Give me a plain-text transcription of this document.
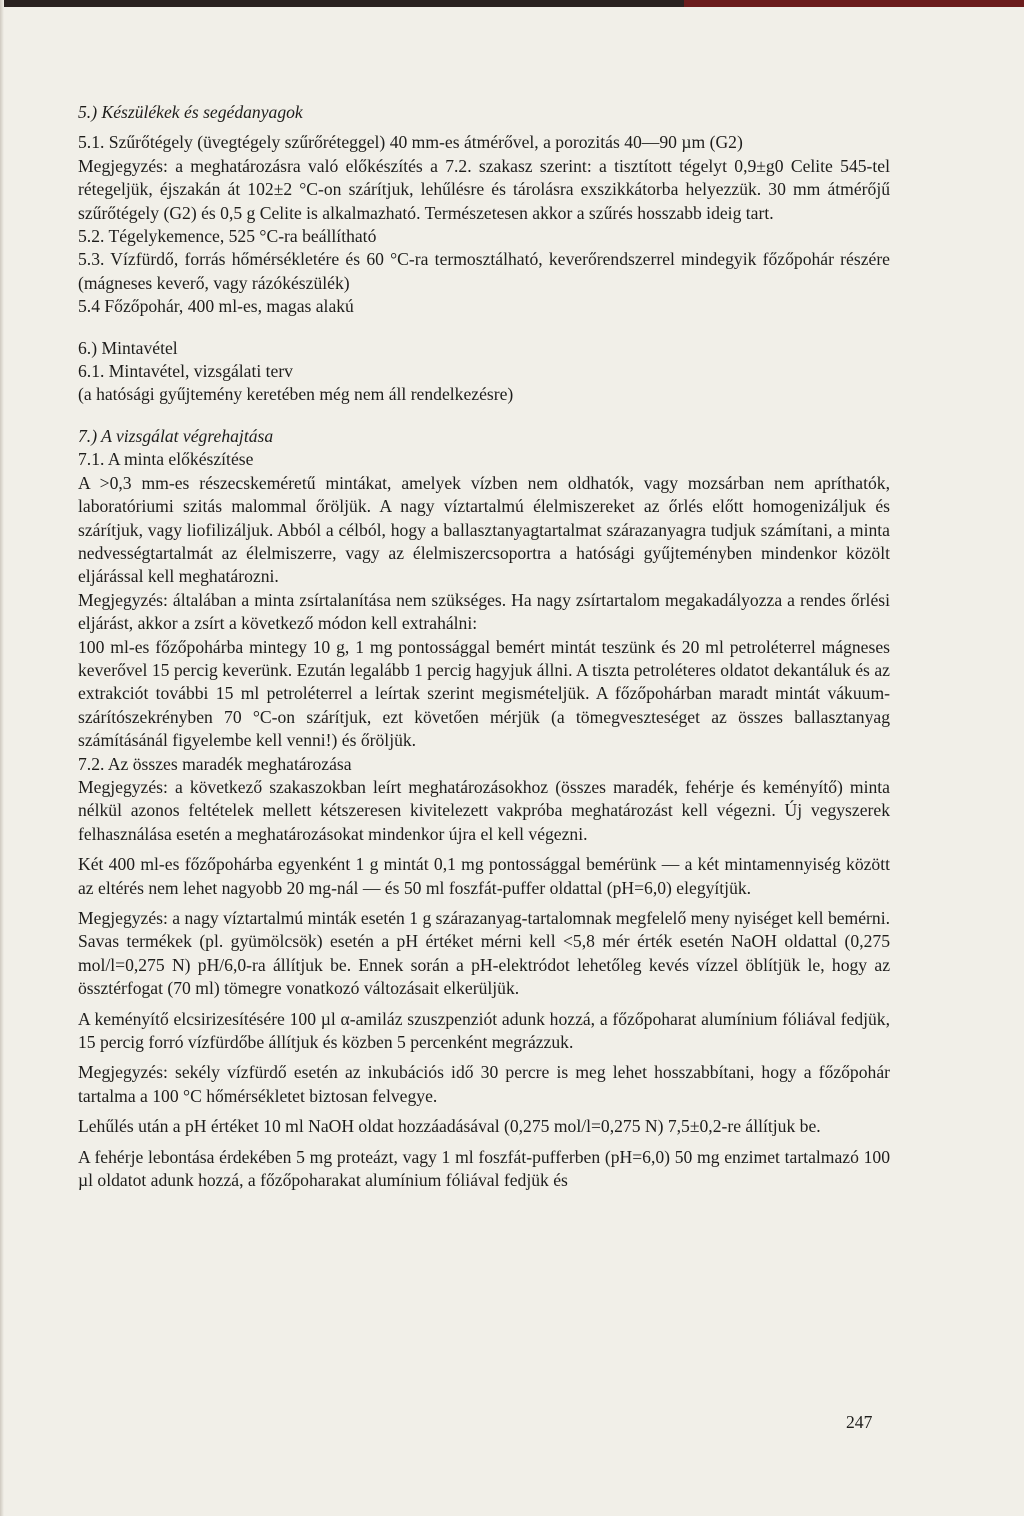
5.) Készülékek és segédanyagok

5.1. Szűrőtégely (üvegtégely szűrőréteggel) 40 mm-es átmérővel, a porozitás 40—90 µm (G2)

Megjegyzés: a meghatározásra való előkészítés a 7.2. szakasz szerint: a tisztított tégelyt 0,9±g0 Celite 545-tel rétegeljük, éjszakán át 102±2 °C-on szárítjuk, lehűlésre és tárolásra exszikkátorba helyezzük. 30 mm átmérőjű szűrőtégely (G2) és 0,5 g Celite is alkalmazható. Természetesen akkor a szűrés hosszabb ideig tart.

5.2. Tégelykemence, 525 °C-ra beállítható

5.3. Vízfürdő, forrás hőmérsékletére és 60 °C-ra termosztálható, keverőrendszerrel mindegyik főzőpohár részére (mágneses keverő, vagy rázókészülék)

5.4 Főzőpohár, 400 ml-es, magas alakú

6.) Mintavétel

6.1. Mintavétel, vizsgálati terv

(a hatósági gyűjtemény keretében még nem áll rendelkezésre)

7.) A vizsgálat végrehajtása

7.1. A minta előkészítése

A >0,3 mm-es részecskeméretű mintákat, amelyek vízben nem oldhatók, vagy mozsárban nem apríthatók, laboratóriumi szitás malommal őröljük. A nagy víztartalmú élelmiszereket az őrlés előtt homogenizáljuk és szárítjuk, vagy liofilizáljuk. Abból a célból, hogy a ballasztanyagtartalmat szárazanyagra tudjuk számítani, a minta nedvességtartalmát az élelmiszerre, vagy az élelmiszercsoportra a hatósági gyűjteményben mindenkor közölt eljárással kell meghatározni.

Megjegyzés: általában a minta zsírtalanítása nem szükséges. Ha nagy zsírtartalom megakadályozza a rendes őrlési eljárást, akkor a zsírt a következő módon kell extrahálni:

100 ml-es főzőpohárba mintegy 10 g, 1 mg pontossággal bemért mintát teszünk és 20 ml petroléterrel mágneses keverővel 15 percig keverünk. Ezután legalább 1 percig hagyjuk állni. A tiszta petroléteres oldatot dekantáluk és az extrakciót további 15 ml petroléterrel a leírtak szerint megismételjük. A főzőpohárban maradt mintát vákuum-szárítószekrényben 70 °C-on szárítjuk, ezt követően mérjük (a tömegveszteséget az összes ballasztanyag számításánál figyelembe kell venni!) és őröljük.

7.2. Az összes maradék meghatározása

Megjegyzés: a következő szakaszokban leírt meghatározásokhoz (összes maradék, fehérje és keményítő) minta nélkül azonos feltételek mellett kétszeresen kivitelezett vakpróba meghatározást kell végezni. Új vegyszerek felhasználása esetén a meghatározásokat mindenkor újra el kell végezni.

Két 400 ml-es főzőpohárba egyenként 1 g mintát 0,1 mg pontossággal bemérünk — a két mintamennyiség között az eltérés nem lehet nagyobb 20 mg-nál — és 50 ml foszfát-puffer oldattal (pH=6,0) elegyítjük.

Megjegyzés: a nagy víztartalmú minták esetén 1 g szárazanyag-tartalomnak megfelelő meny nyiséget kell bemérni. Savas termékek (pl. gyümölcsök) esetén a pH értéket mérni kell <5,8 mér érték esetén NaOH oldattal (0,275 mol/l=0,275 N) pH/6,0-ra állítjuk be. Ennek során a pH-elektródot lehetőleg kevés vízzel öblítjük le, hogy az össztérfogat (70 ml) tömegre vonatkozó változásait elkerüljük.

A keményítő elcsirizesítésére 100 µl α-amiláz szuszpenziót adunk hozzá, a főzőpoharat alumínium fóliával fedjük, 15 percig forró vízfürdőbe állítjuk és közben 5 percenként megrázzuk.

Megjegyzés: sekély vízfürdő esetén az inkubációs idő 30 percre is meg lehet hosszabbítani, hogy a főzőpohár tartalma a 100 °C hőmérsékletet biztosan felvegye.

Lehűlés után a pH értéket 10 ml NaOH oldat hozzáadásával (0,275 mol/l=0,275 N) 7,5±0,2-re állítjuk be.

A fehérje lebontása érdekében 5 mg proteázt, vagy 1 ml foszfát-pufferben (pH=6,0) 50 mg enzimet tartalmazó 100 µl oldatot adunk hozzá, a főzőpoharakat alumínium fóliával fedjük és

247
